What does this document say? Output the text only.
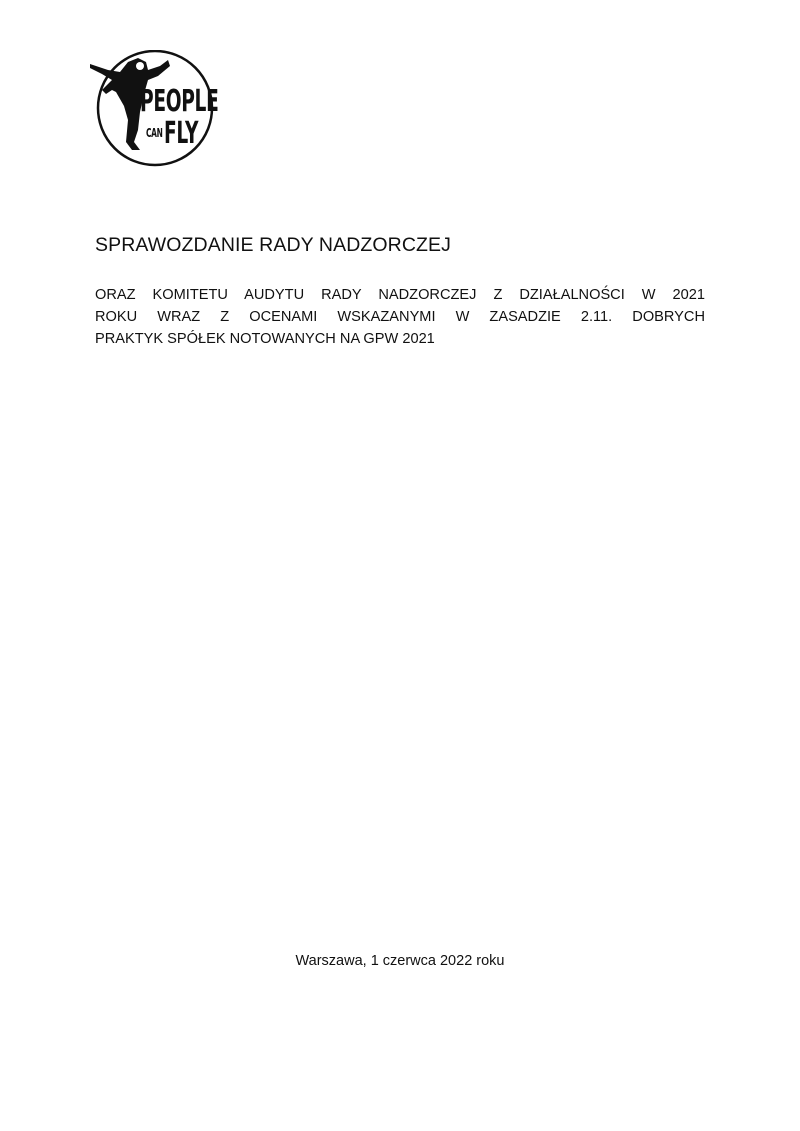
PEOPLE
CAN FLY
SPRAWOZDANIE RADY NADZORCZEJ
ORAZ KOMITETU AUDYTU RADY NADZORCZEJ Z DZIAŁALNOŚCI W 2021
ROKU WRAZ Z OCENAMI WSKAZANYMI W ZASADZIE 2.11. DOBRYCH
PRAKTYK SPÓŁEK NOTOWANYCH NA GPW 2021
Warszawa, 1 czerwca 2022 roku
